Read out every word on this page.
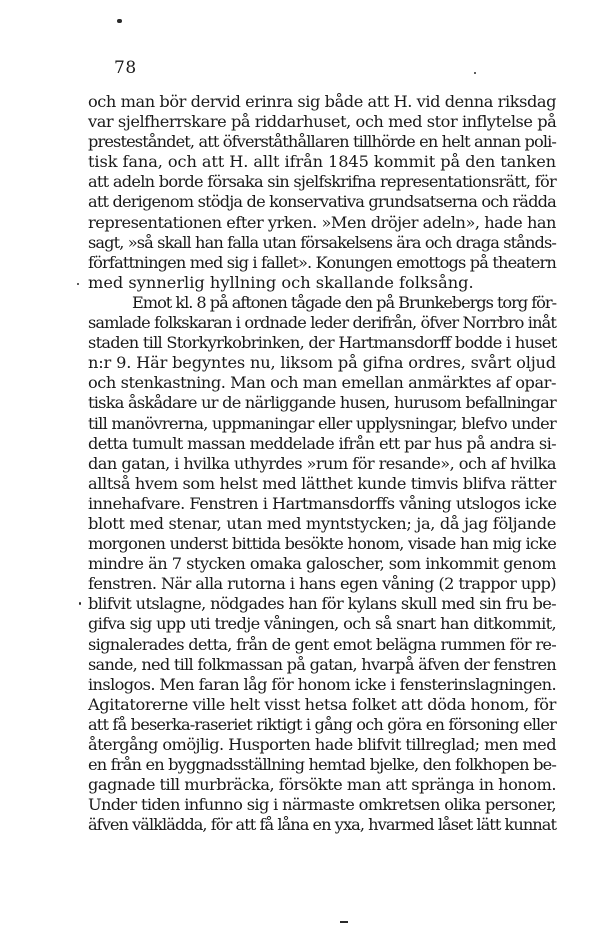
78
och man bör dervid erinra sig både att H. vid denna riksdag
var sjelfherrskare på riddarhuset, och med stor inflytelse på
presteståndet, att öfverståthållaren tillhörde en helt annan poli-
tisk fana, och att H. allt ifrån 1845 kommit på den tanken
att adeln borde försaka sin sjelfskrifna representationsrätt, för
att derigenom stödja de konservativa grundsatserna och rädda
representationen efter yrken. »Men dröjer adeln», hade han
sagt, »så skall han falla utan försakelsens ära och draga stånds-
författningen med sig i fallet». Konungen emottogs på theatern
med synnerlig hyllning och skallande folksång.
Emot kl. 8 på aftonen tågade den på Brunkebergs torg för-
samlade folkskaran i ordnade leder derifrån, öfver Norrbro inåt
staden till Storkyrkobrinken, der Hartmansdorff bodde i huset
n:r 9. Här begyntes nu, liksom på gifna ordres, svårt oljud
och stenkastning. Man och man emellan anmärktes af opar-
tiska åskådare ur de närliggande husen, hurusom befallningar
till manövrerna, uppmaningar eller upplysningar, blefvo under
detta tumult massan meddelade ifrån ett par hus på andra si-
dan gatan, i hvilka uthyrdes »rum för resande», och af hvilka
alltså hvem som helst med lätthet kunde timvis blifva rätter
innehafvare. Fenstren i Hartmansdorffs våning utslogos icke
blott med stenar, utan med myntstycken; ja, då jag följande
morgonen underst bittida besökte honom, visade han mig icke
mindre än 7 stycken omaka galoscher, som inkommit genom
fenstren. När alla rutorna i hans egen våning (2 trappor upp)
blifvit utslagne, nödgades han för kylans skull med sin fru be-
gifva sig upp uti tredje våningen, och så snart han ditkommit,
signalerades detta, från de gent emot belägna rummen för re-
sande, ned till folkmassan på gatan, hvarpå äfven der fenstren
inslogos. Men faran låg för honom icke i fensterinslagningen.
Agitatorerne ville helt visst hetsa folket att döda honom, för
att få beserka-raseriet riktigt i gång och göra en försoning eller
återgång omöjlig. Husporten hade blifvit tillreglad; men med
en från en byggnadsställning hemtad bjelke, den folkhopen be-
gagnade till murbräcka, försökte man att spränga in honom.
Under tiden infunno sig i närmaste omkretsen olika personer,
äfven välklädda, för att få låna en yxa, hvarmed låset lätt kunnat
